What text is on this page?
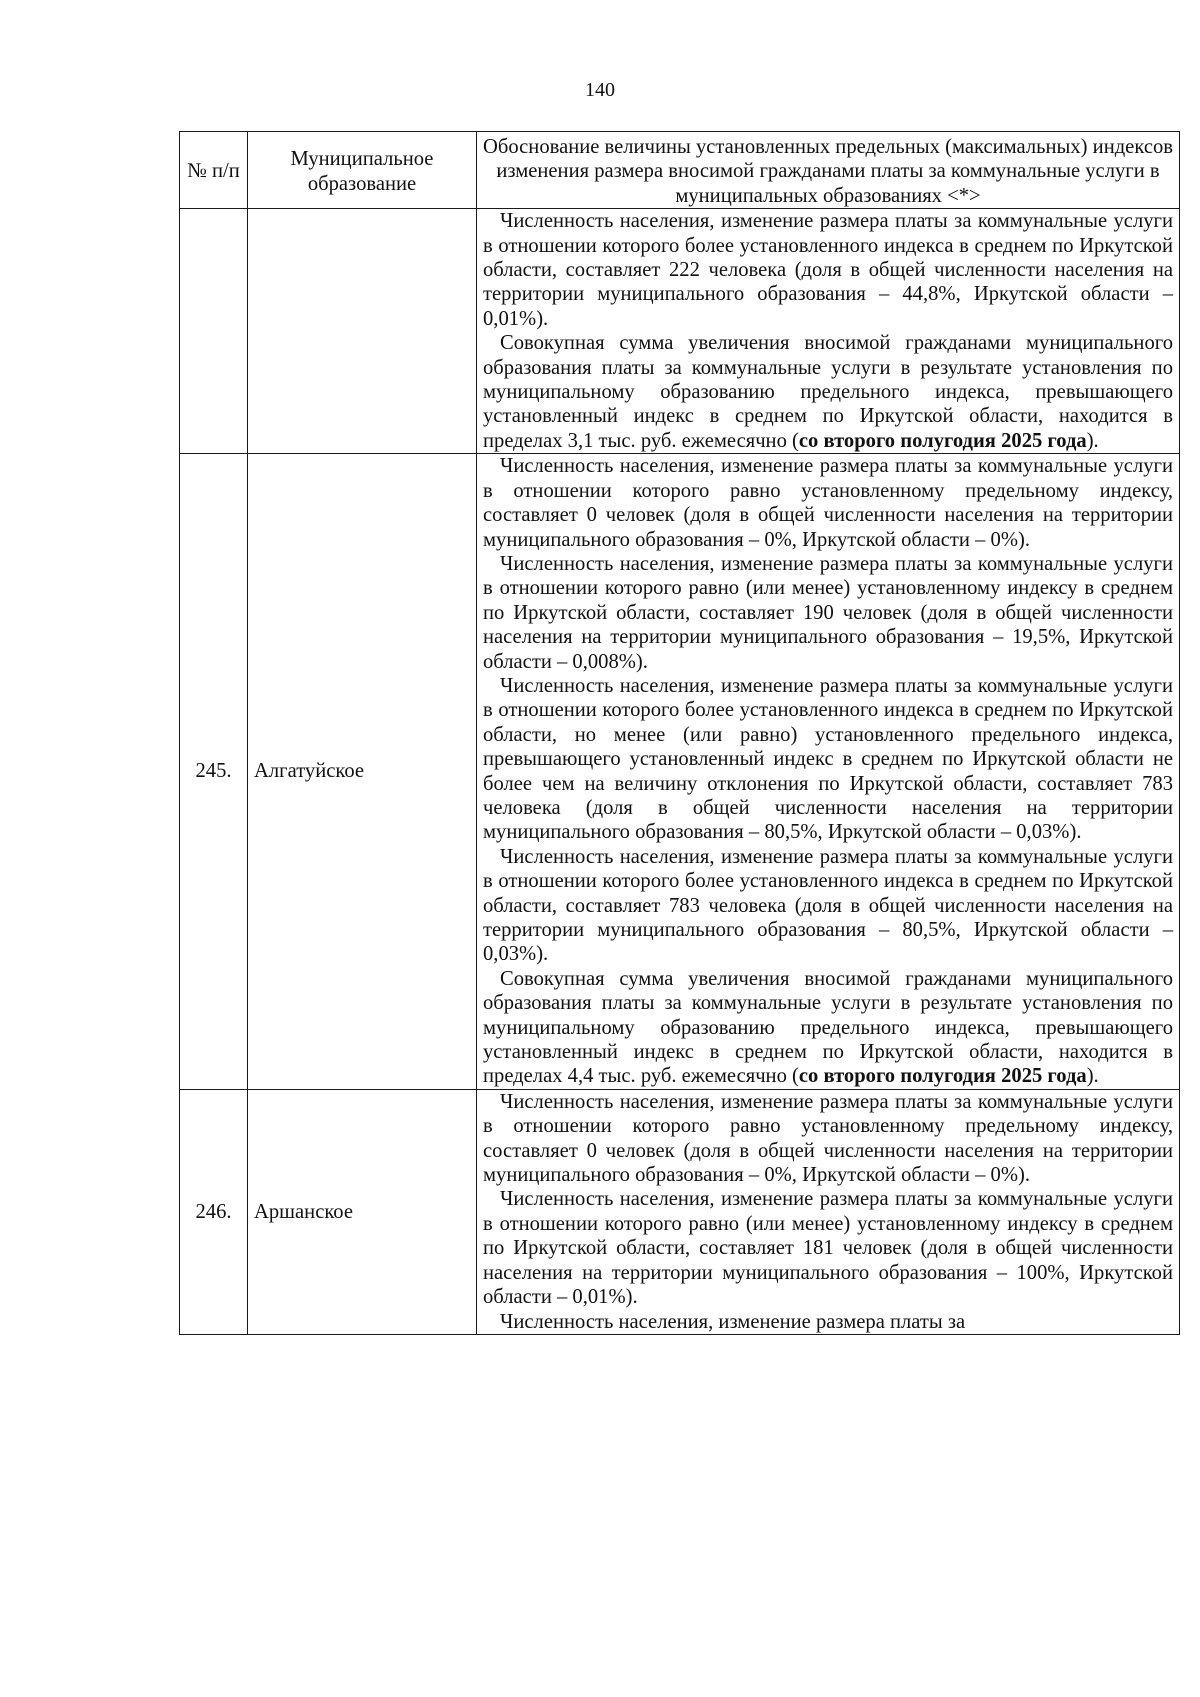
140
№ п/п	Муниципальное образование	Обоснование величины установленных предельных (максимальных) индексов изменения размера вносимой гражданами платы за коммунальные услуги в муниципальных образованиях <*>

		Численность населения, изменение размера платы за коммунальные услуги в отношении которого более установленного индекса в среднем по Иркутской области, составляет 222 человека (доля в общей численности населения на территории муниципального образования – 44,8%, Иркутской области – 0,01%).

Совокупная сумма увеличения вносимой гражданами муниципального образования платы за коммунальные услуги в результате установления по муниципальному образованию предельного индекса, превышающего установленный индекс в среднем по Иркутской области, находится в пределах 3,1 тыс. руб. ежемесячно (со второго полугодия 2025 года).

245.	Алгатуйское	Численность населения, изменение размера платы за коммунальные услуги в отношении которого равно установленному предельному индексу, составляет 0 человек (доля в общей численности населения на территории муниципального образования – 0%, Иркутской области – 0%).

Численность населения, изменение размера платы за коммунальные услуги в отношении которого равно (или менее) установленному индексу в среднем по Иркутской области, составляет 190 человек (доля в общей численности населения на территории муниципального образования – 19,5%, Иркутской области – 0,008%).

Численность населения, изменение размера платы за коммунальные услуги в отношении которого более установленного индекса в среднем по Иркутской области, но менее (или равно) установленного предельного индекса, превышающего установленный индекс в среднем по Иркутской области не более чем на величину отклонения по Иркутской области, составляет 783 человека (доля в общей численности населения на территории муниципального образования – 80,5%, Иркутской области – 0,03%).

Численность населения, изменение размера платы за коммунальные услуги в отношении которого более установленного индекса в среднем по Иркутской области, составляет 783 человека (доля в общей численности населения на территории муниципального образования – 80,5%, Иркутской области – 0,03%).

Совокупная сумма увеличения вносимой гражданами муниципального образования платы за коммунальные услуги в результате установления по муниципальному образованию предельного индекса, превышающего установленный индекс в среднем по Иркутской области, находится в пределах 4,4 тыс. руб. ежемесячно (со второго полугодия 2025 года).

246.	Аршанское	Численность населения, изменение размера платы за коммунальные услуги в отношении которого равно установленному предельному индексу, составляет 0 человек (доля в общей численности населения на территории муниципального образования – 0%, Иркутской области – 0%).

Численность населения, изменение размера платы за коммунальные услуги в отношении которого равно (или менее) установленному индексу в среднем по Иркутской области, составляет 181 человек (доля в общей численности населения на территории муниципального образования – 100%, Иркутской области – 0,01%).

Численность населения, изменение размера платы за
